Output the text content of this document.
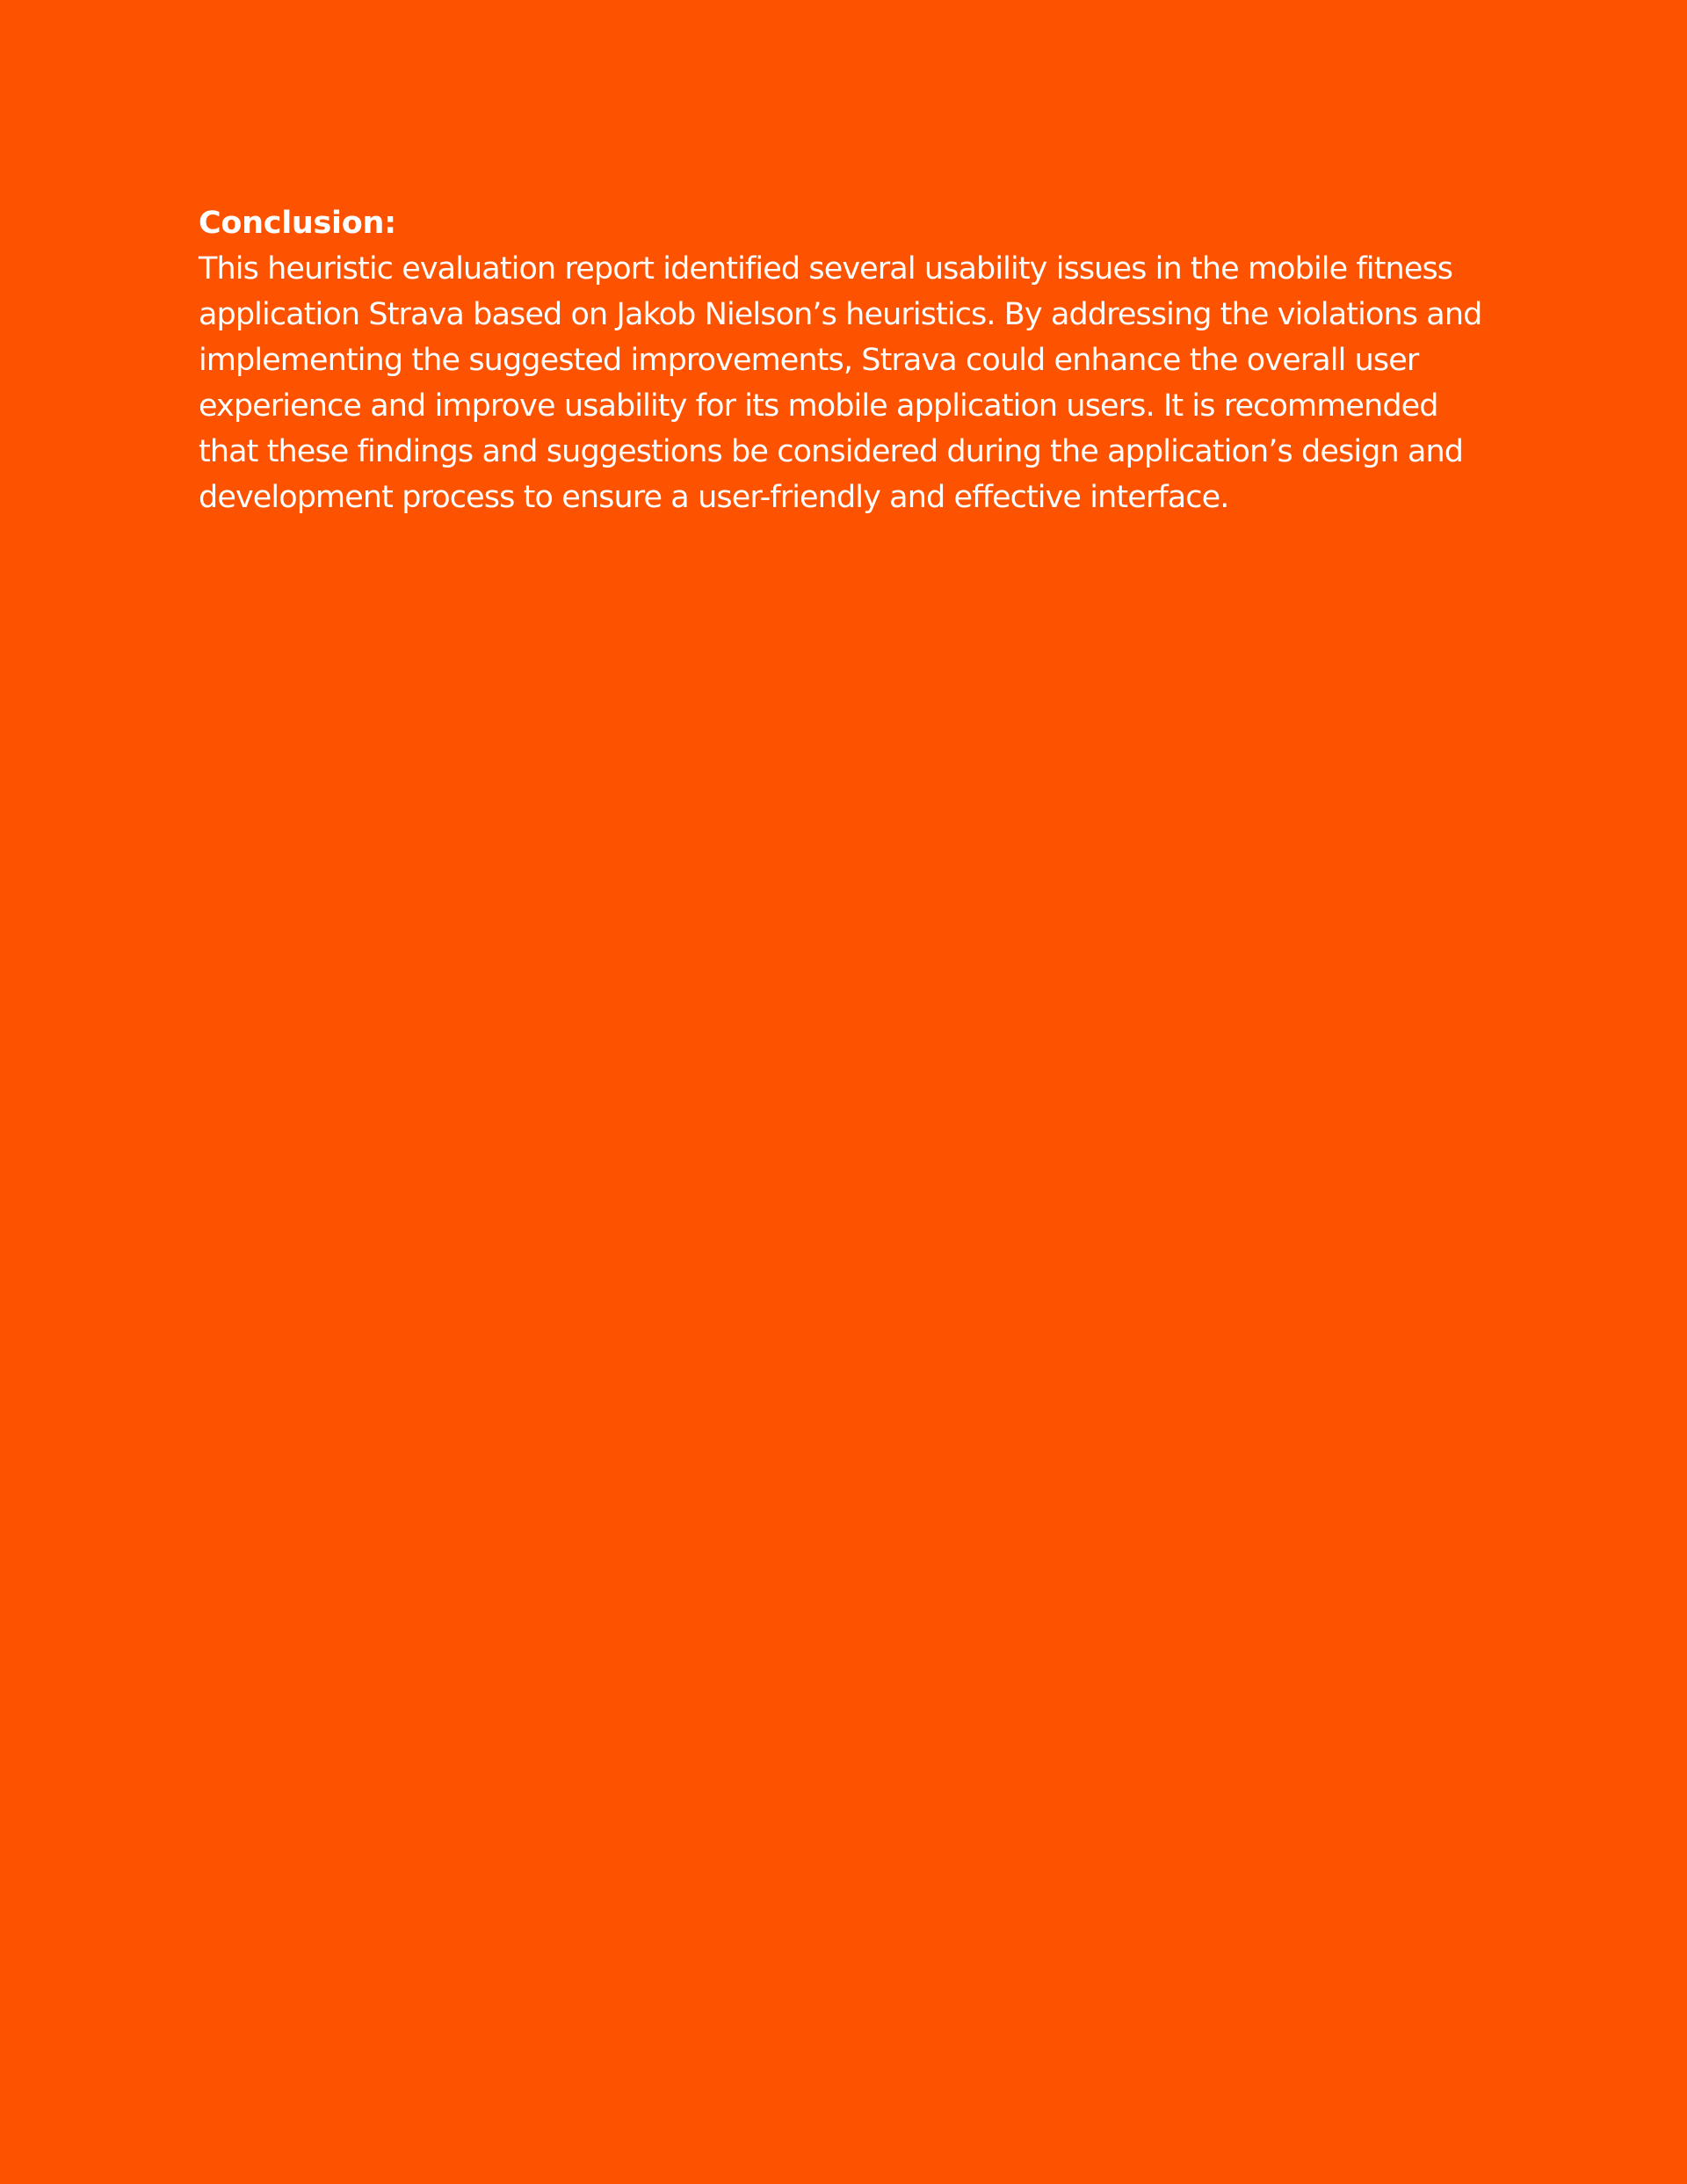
Conclusion:

This heuristic evaluation report identified several usability issues in the mobile fitness application Strava based on Jakob Nielson’s heuristics. By addressing the violations and implementing the suggested improvements, Strava could enhance the overall user experience and improve usability for its mobile application users. It is recommended that these findings and suggestions be considered during the application’s design and development process to ensure a user-friendly and effective interface.
